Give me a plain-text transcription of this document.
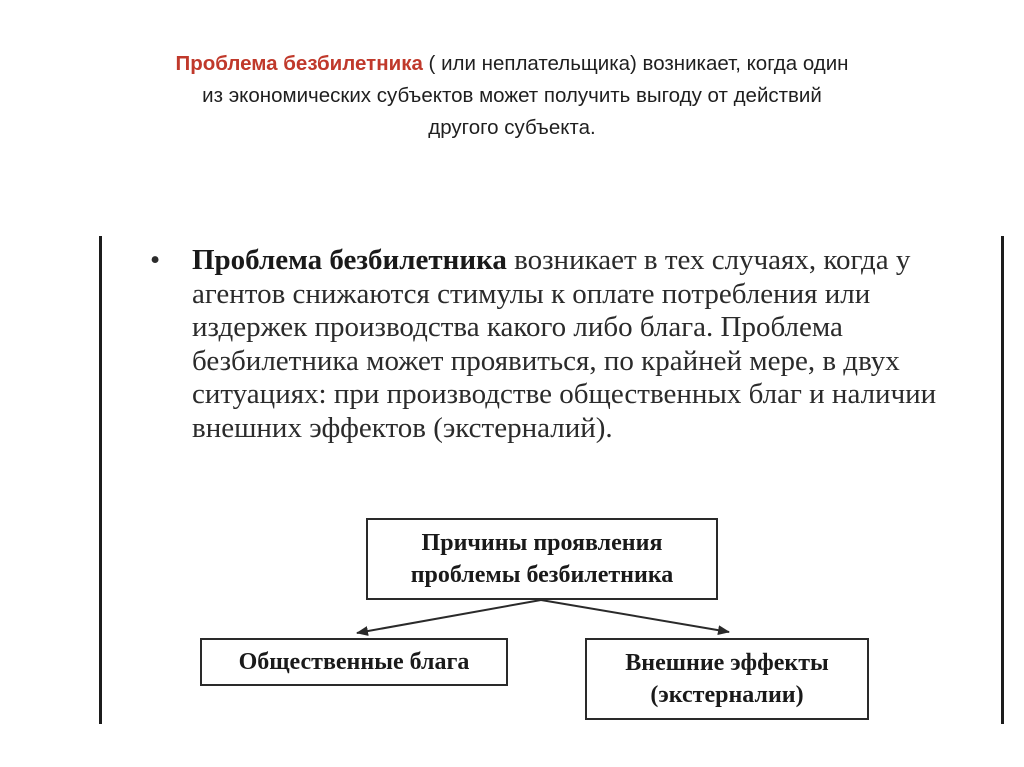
Проблема безбилетника ( или неплательщика) возникает, когда один
из экономических субъектов может получить выгоду от действий
другого субъекта.
• Проблема безбилетника возникает в тех случаях, когда у агентов снижаются стимулы к оплате потребления или издержек производства какого либо блага. Проблема безбилетника может проявиться, по крайней мере, в двух ситуациях: при производстве общественных благ и наличии внешних эффектов (экстерналий).
Причины проявления
проблемы безбилетника
Общественные блага	Внешние эффекты
(экстерналии)
